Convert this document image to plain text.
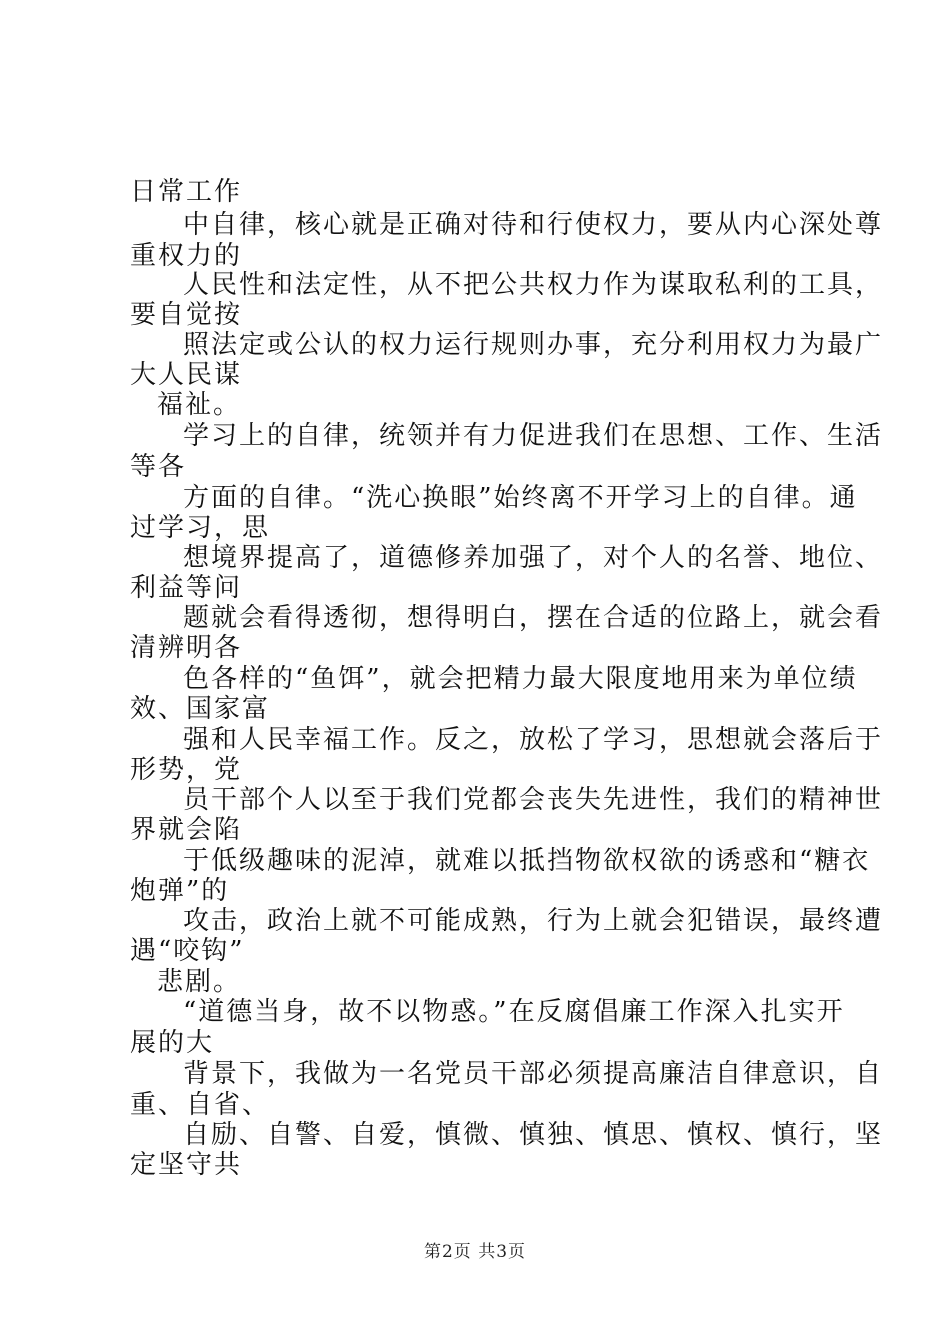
日常工作
中自律，核心就是正确对待和行使权力，要从内心深处尊
重权力的
人民性和法定性，从不把公共权力作为谋取私利的工具，
要自觉按
照法定或公认的权力运行规则办事，充分利用权力为最广
大人民谋
福祉。
学习上的自律，统领并有力促进我们在思想、工作、生活
等各
方面的自律。“洗心换眼”始终离不开学习上的自律。通
过学习，思
想境界提高了，道德修养加强了，对个人的名誉、地位、
利益等问
题就会看得透彻，想得明白，摆在合适的位路上，就会看
清辨明各
色各样的“鱼饵”，就会把精力最大限度地用来为单位绩
效、国家富
强和人民幸福工作。反之，放松了学习，思想就会落后于
形势，党
员干部个人以至于我们党都会丧失先进性，我们的精神世
界就会陷
于低级趣味的泥淖，就难以抵挡物欲权欲的诱惑和“糖衣
炮弹”的
攻击，政治上就不可能成熟，行为上就会犯错误，最终遭
遇“咬钩”
悲剧。
“道德当身，故不以物惑。”在反腐倡廉工作深入扎实开
展的大
背景下，我做为一名党员干部必须提高廉洁自律意识，自
重、自省、
自励、自警、自爱，慎微、慎独、慎思、慎权、慎行，坚
定坚守共
第2页 共3页
